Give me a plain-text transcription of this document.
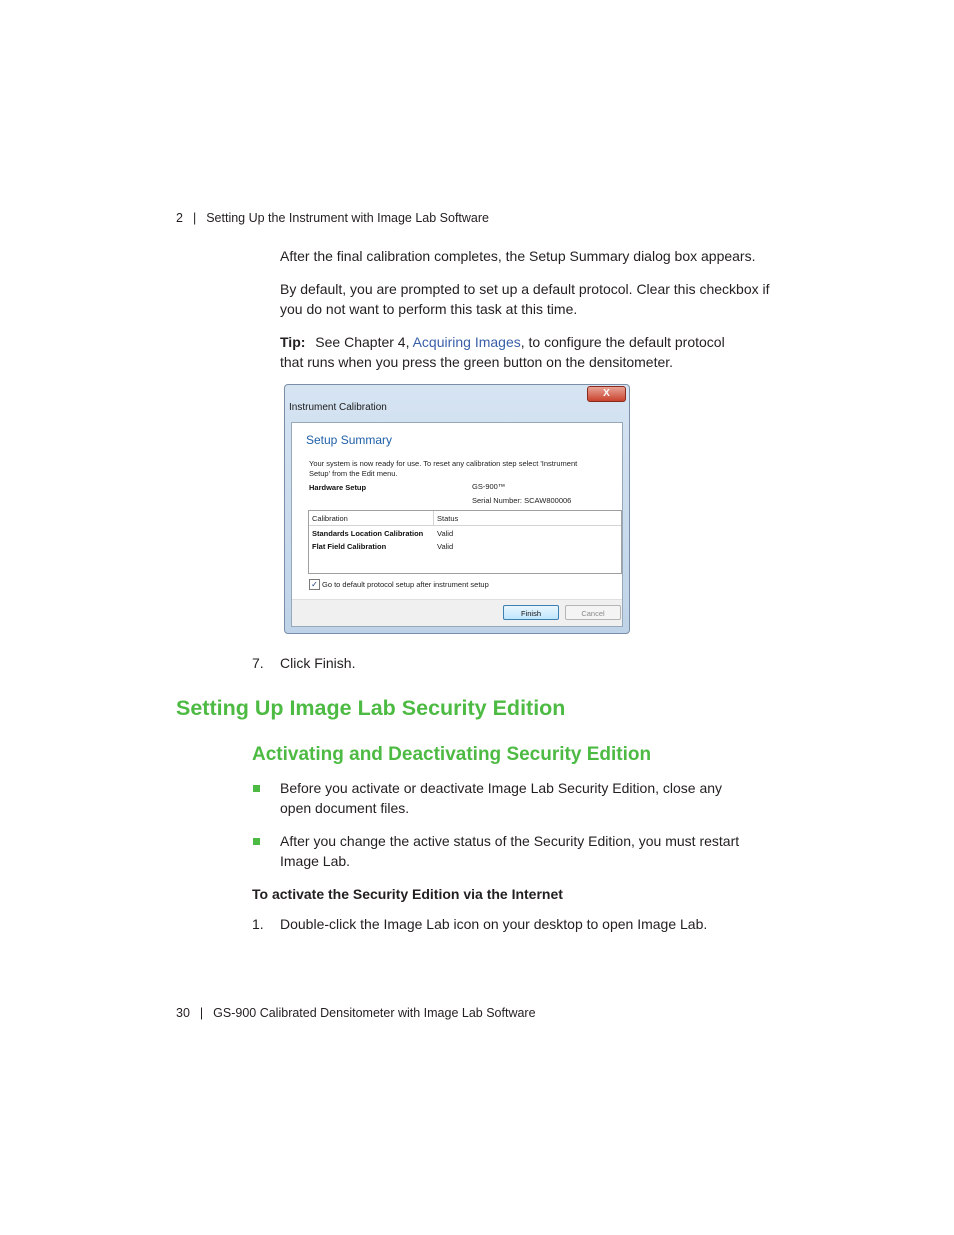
2 | Setting Up the Instrument with Image Lab Software
After the final calibration completes, the Setup Summary dialog box appears.
By default, you are prompted to set up a default protocol. Clear this checkbox if
you do not want to perform this task at this time.
Tip: See Chapter 4, Acquiring Images, to configure the default protocol
that runs when you press the green button on the densitometer.
Instrument Calibration
X
Setup Summary
Your system is now ready for use. To reset any calibration step select 'Instrument
Setup' from the Edit menu.
Hardware Setup	GS-900™
Serial Number: SCAW800006
Calibration	Status
Standards Location Calibration Valid
Flat Field Calibration	Valid
✓ Go to default protocol setup after instrument setup
Finish	Cancel
7. Click Finish.
Setting Up Image Lab Security Edition
Activating and Deactivating Security Edition
Before you activate or deactivate Image Lab Security Edition, close any
open document files.
After you change the active status of the Security Edition, you must restart
Image Lab.
To activate the Security Edition via the Internet
1. Double-click the Image Lab icon on your desktop to open Image Lab.
30 | GS-900 Calibrated Densitometer with Image Lab Software
